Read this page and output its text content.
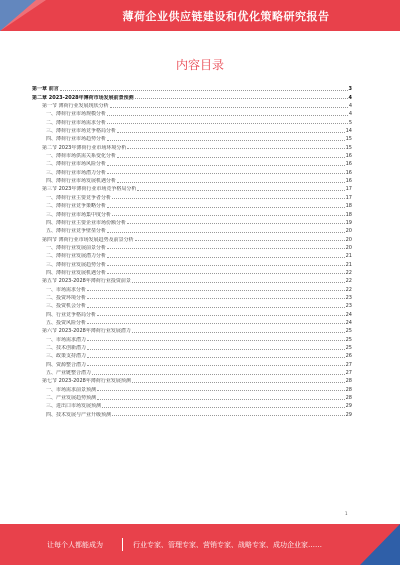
薄荷企业供应链建设和优化策略研究报告
内容目录
第一章 前言	3
第二章 2023-2028年薄荷市场发展前景预测	4
第一节 薄荷行业发展现状分析	4
一、薄荷行业市场规模分析	4
二、薄荷行业市场需求分析	5
三、薄荷行业市场竞争格局分析	14
四、薄荷行业市场趋势分析	15
第二节 2023年薄荷行业市场环境分析	15
一、薄荷市场供需关系变化分析	16
二、薄荷行业市场风险分析	16
三、薄荷行业市场潜力分析	16
四、薄荷行业市场发展机遇分析	16
第三节 2023年薄荷行业市场竞争格局分析	17
一、薄荷行业主要竞争者分析	17
二、薄荷行业竞争策略分析	18
三、薄荷行业市场集中度分析	18
四、薄荷行业主要企业市场份额分析	19
五、薄荷行业竞争壁垒分析	20
第四节 薄荷行业市场发展趋势及前景分析	20
一、薄荷行业发展前景分析	20
二、薄荷行业发展潜力分析	21
三、薄荷行业发展趋势分析	21
四、薄荷行业发展机遇分析	22
第五节 2023-2028年薄荷行业投资前景	22
一、市场需求分析	22
二、投资环境分析	23
三、投资机会分析	23
四、行业竞争格局分析	24
五、投资风险分析	24
第六节 2023-2028年薄荷行业发展潜力	25
一、市场需求潜力	25
二、技术创新潜力	25
三、政策支持潜力	26
四、资源整合潜力	27
五、产业链整合潜力	27
第七节 2023-2028年薄荷行业发展预测	28
一、市场需求前景预测	28
二、产业发展趋势预测	28
三、进出口市场发展预测	29
四、技术发展与产业升级预测	29
1
让每个人都能成为	行业专家、管理专家、营销专家、战略专家、成功企业家……
